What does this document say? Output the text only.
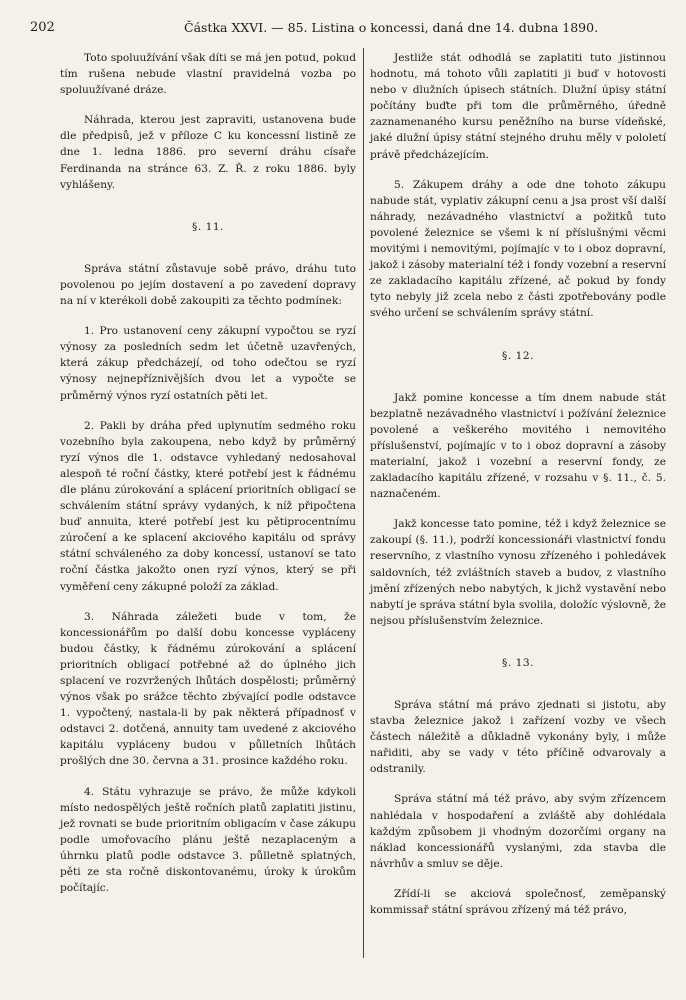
202	Částka XXVI. — 85. Listina o koncessi, daná dne 14. dubna 1890.

Toto spoluužívání však díti se má jen potud, pokud tím rušena nebude vlastní pravidelná vozba po spoluužívané dráze.

Náhrada, kterou jest zapraviti, ustanovena bude dle předpisů, jež v příloze C ku koncessní listině ze dne 1. ledna 1886. pro severní dráhu císaře Ferdinanda na stránce 63. Z. Ř. z roku 1886. byly vyhlášeny.

§. 11.

Správa státní zůstavuje sobě právo, dráhu tuto povolenou po jejím dostavení a po zavedení dopravy na ní v kterékoli době zakoupiti za těchto podmínek:

1. Pro ustanovení ceny zákupní vypočtou se ryzí výnosy za posledních sedm let účetně uzavřených, která zákup předcházejí, od toho odečtou se ryzí výnosy nejnepříznivějších dvou let a vypočte se průměrný výnos ryzí ostatních pěti let.

2. Pakli by dráha před uplynutím sedmého roku vozebního byla zakoupena, nebo když by průměrný ryzí výnos dle 1. odstavce vyhledaný nedosahoval alespoň té roční částky, které potřebí jest k řádnému dle plánu zúrokování a splácení prioritních obligací se schválením státní správy vydaných, k níž připočtena buď annuita, které potřebí jest ku pětiprocentnímu zúročení a ke splacení akciového kapitálu od správy státní schváleného za doby koncessí, ustanoví se tato roční částka jakožto onen ryzí výnos, který se při vyměření ceny zákupné položí za základ.

3. Náhrada záležeti bude v tom, že koncessionářům po další dobu koncesse vypláceny budou částky, k řádnému zúrokování a splácení prioritních obligací potřebné až do úplného jich splacení ve rozvržených lhůtách dospělosti; průměrný výnos však po srážce těchto zbývající podle odstavce 1. vypočtený, nastala-li by pak některá případnosť v odstavci 2. dotčená, annuity tam uvedené z akciového kapitálu vypláceny budou v půlletních lhůtách prošlých dne 30. června a 31. prosince každého roku.

4. Státu vyhrazuje se právo, že může kdykoli místo nedospělých ještě ročních platů zaplatiti jistinu, jež rovnati se bude prioritním obligacím v čase zákupu podle umořovacího plánu ještě nezaplaceným a úhrnku platů podle odstavce 3. půlletně splatných, pěti ze sta ročně diskontovanému, úroky k úrokům počítajíc.

Jestliže stát odhodlá se zaplatiti tuto jistinnou hodnotu, má tohoto vůli zaplatiti ji buď v hotovosti nebo v dlužních úpisech státních. Dlužní úpisy státní počítány buďte při tom dle průměrného, úředně zaznamenaného kursu peněžního na burse vídeňské, jaké dlužní úpisy státní stejného druhu měly v pololetí právě předcházejícím.

5. Zákupem dráhy a ode dne tohoto zákupu nabude stát, vyplativ zákupní cenu a jsa prost vší další náhrady, nezávadného vlastnictví a požitků tuto povolené železnice se všemi k ní příslušnými věcmi movitými i nemovitými, pojímajíc v to i oboz dopravní, jakož i zásoby materialní též i fondy vozební a reservní ze zakladacího kapitálu zřízené, ač pokud by fondy tyto nebyly již zcela nebo z části zpotřebovány podle svého určení se schválením správy státní.

§. 12.

Jakž pomine koncesse a tím dnem nabude stát bezplatně nezávadného vlastnictví i požívání železnice povolené a veškerého movitého i nemovitého příslušenství, pojímajíc v to i oboz dopravní a zásoby materialní, jakož i vozební a reservní fondy, ze zakladacího kapitálu zřízené, v rozsahu v §. 11., č. 5. naznačeném.

Jakž koncesse tato pomine, též i když železnice se zakoupí (§. 11.), podrží koncessionáři vlastnictví fondu reservního, z vlastního vynosu zřízeného i pohledávek saldovních, též zvláštních staveb a budov, z vlastního jmění zřízených nebo nabytých, k jichž vystavění nebo nabytí je správa státní byla svolila, doložíc výslovně, že nejsou příslušenstvím železnice.

§. 13.

Správa státní má právo zjednati si jistotu, aby stavba železnice jakož i zařízení vozby ve všech částech náležitě a důkladně vykonány byly, i může nařiditi, aby se vady v této příčině odvarovaly a odstranily.

Správa státní má též právo, aby svým zřízencem nahlédala v hospodaření a zvláště aby dohlédala každým způsobem ji vhodným dozorčími organy na náklad koncessionářů vyslanými, zda stavba dle návrhův a smluv se děje.

Zřídí-li se akciová společnosť, zeměpanský kommissař státní správou zřízený má též právo,
